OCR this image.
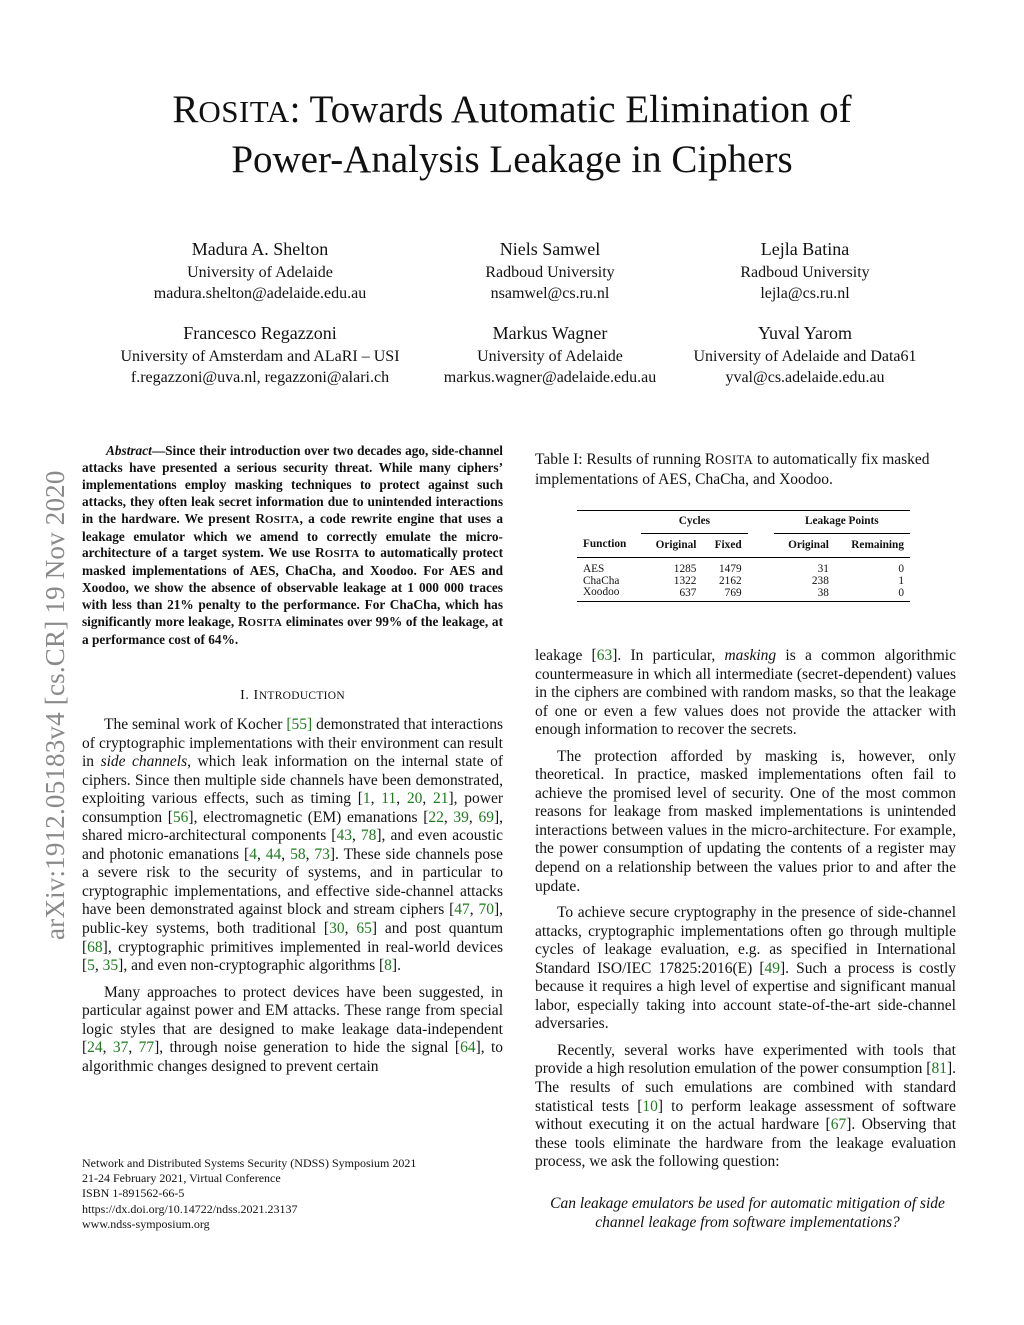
arXiv:1912.05183v4 [cs.CR] 19 Nov 2020
ROSITA: Towards Automatic Elimination of
Power-Analysis Leakage in Ciphers
Madura A. Shelton
University of Adelaide
madura.shelton@adelaide.edu.au
Niels Samwel
Radboud University
nsamwel@cs.ru.nl
Lejla Batina
Radboud University
lejla@cs.ru.nl
Francesco Regazzoni
University of Amsterdam and ALaRI – USI
f.regazzoni@uva.nl, regazzoni@alari.ch
Markus Wagner
University of Adelaide
markus.wagner@adelaide.edu.au
Yuval Yarom
University of Adelaide and Data61
yval@cs.adelaide.edu.au
Abstract—Since their introduction over two decades ago, side-channel attacks have presented a serious security threat. While many ciphers’ implementations employ masking techniques to protect against such attacks, they often leak secret information due to unintended interactions in the hardware. We present ROSITA, a code rewrite engine that uses a leakage emulator which we amend to correctly emulate the micro-architecture of a target system. We use ROSITA to automatically protect masked implementations of AES, ChaCha, and Xoodoo. For AES and Xoodoo, we show the absence of observable leakage at 1 000 000 traces with less than 21% penalty to the performance. For ChaCha, which has significantly more leakage, ROSITA eliminates over 99% of the leakage, at a performance cost of 64%.
I. INTRODUCTION

The seminal work of Kocher [55] demonstrated that interactions of cryptographic implementations with their environment can result in side channels, which leak information on the internal state of ciphers. Since then multiple side channels have been demonstrated, exploiting various effects, such as timing [1, 11, 20, 21], power consumption [56], electromagnetic (EM) emanations [22, 39, 69], shared micro-architectural components [43, 78], and even acoustic and photonic emanations [4, 44, 58, 73]. These side channels pose a severe risk to the security of systems, and in particular to cryptographic implementations, and effective side-channel attacks have been demonstrated against block and stream ciphers [47, 70], public-key systems, both traditional [30, 65] and post quantum [68], cryptographic primitives implemented in real-world devices [5, 35], and even non-cryptographic algorithms [8].

Many approaches to protect devices have been suggested, in particular against power and EM attacks. These range from special logic styles that are designed to make leakage data-independent [24, 37, 77], through noise generation to hide the signal [64], to algorithmic changes designed to prevent certain

Network and Distributed Systems Security (NDSS) Symposium 2021
21-24 February 2021, Virtual Conference
ISBN 1-891562-66-5
https://dx.doi.org/10.14722/ndss.2021.23137
www.ndss-symposium.org
Table I: Results of running ROSITA to automatically fix masked implementations of AES, ChaCha, and Xoodoo.
	Cycles			Leakage Points	
Function	Original	Fixed		Original	Remaining
AES	1285	1479		31	0
ChaCha	1322	2162		238	1
Xoodoo	637	769		38	0

leakage [63]. In particular, masking is a common algorithmic countermeasure in which all intermediate (secret-dependent) values in the ciphers are combined with random masks, so that the leakage of one or even a few values does not provide the attacker with enough information to recover the secrets.

The protection afforded by masking is, however, only theoretical. In practice, masked implementations often fail to achieve the promised level of security. One of the most common reasons for leakage from masked implementations is unintended interactions between values in the micro-architecture. For example, the power consumption of updating the contents of a register may depend on a relationship between the values prior to and after the update.

To achieve secure cryptography in the presence of side-channel attacks, cryptographic implementations often go through multiple cycles of leakage evaluation, e.g. as specified in International Standard ISO/IEC 17825:2016(E) [49]. Such a process is costly because it requires a high level of expertise and significant manual labor, especially taking into account state-of-the-art side-channel adversaries.

Recently, several works have experimented with tools that provide a high resolution emulation of the power consumption [81]. The results of such emulations are combined with standard statistical tests [10] to perform leakage assessment of software without executing it on the actual hardware [67]. Observing that these tools eliminate the hardware from the leakage evaluation process, we ask the following question:

Can leakage emulators be used for automatic mitigation of side channel leakage from software implementations?
